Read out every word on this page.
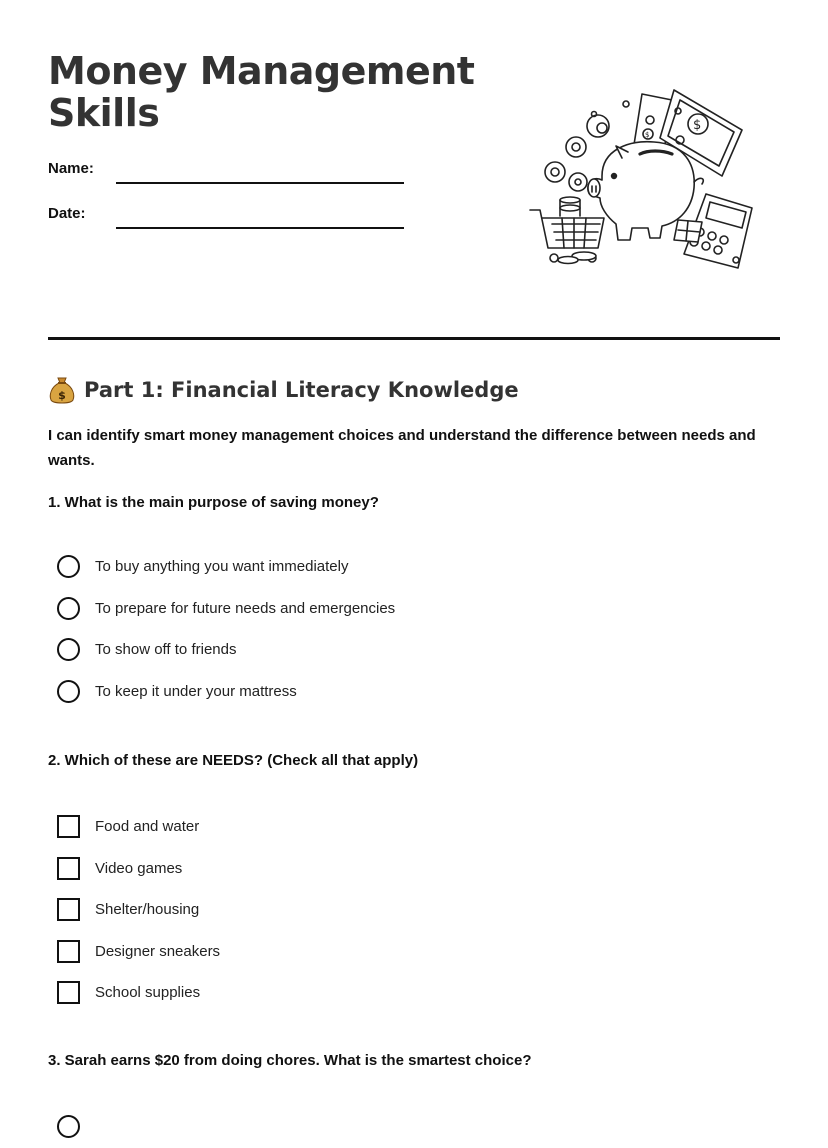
Money Management
Skills
Name:
Date:
$
$
$ Part 1: Financial Literacy Knowledge

I can identify smart money management choices and understand the difference between needs and wants.

1. What is the main purpose of saving money?

To buy anything you want immediately
To prepare for future needs and emergencies
To show off to friends
To keep it under your mattress

2. Which of these are NEEDS? (Check all that apply)

Food and water
Video games
Shelter/housing
Designer sneakers
School supplies

3. Sarah earns $20 from doing chores. What is the smartest choice?
